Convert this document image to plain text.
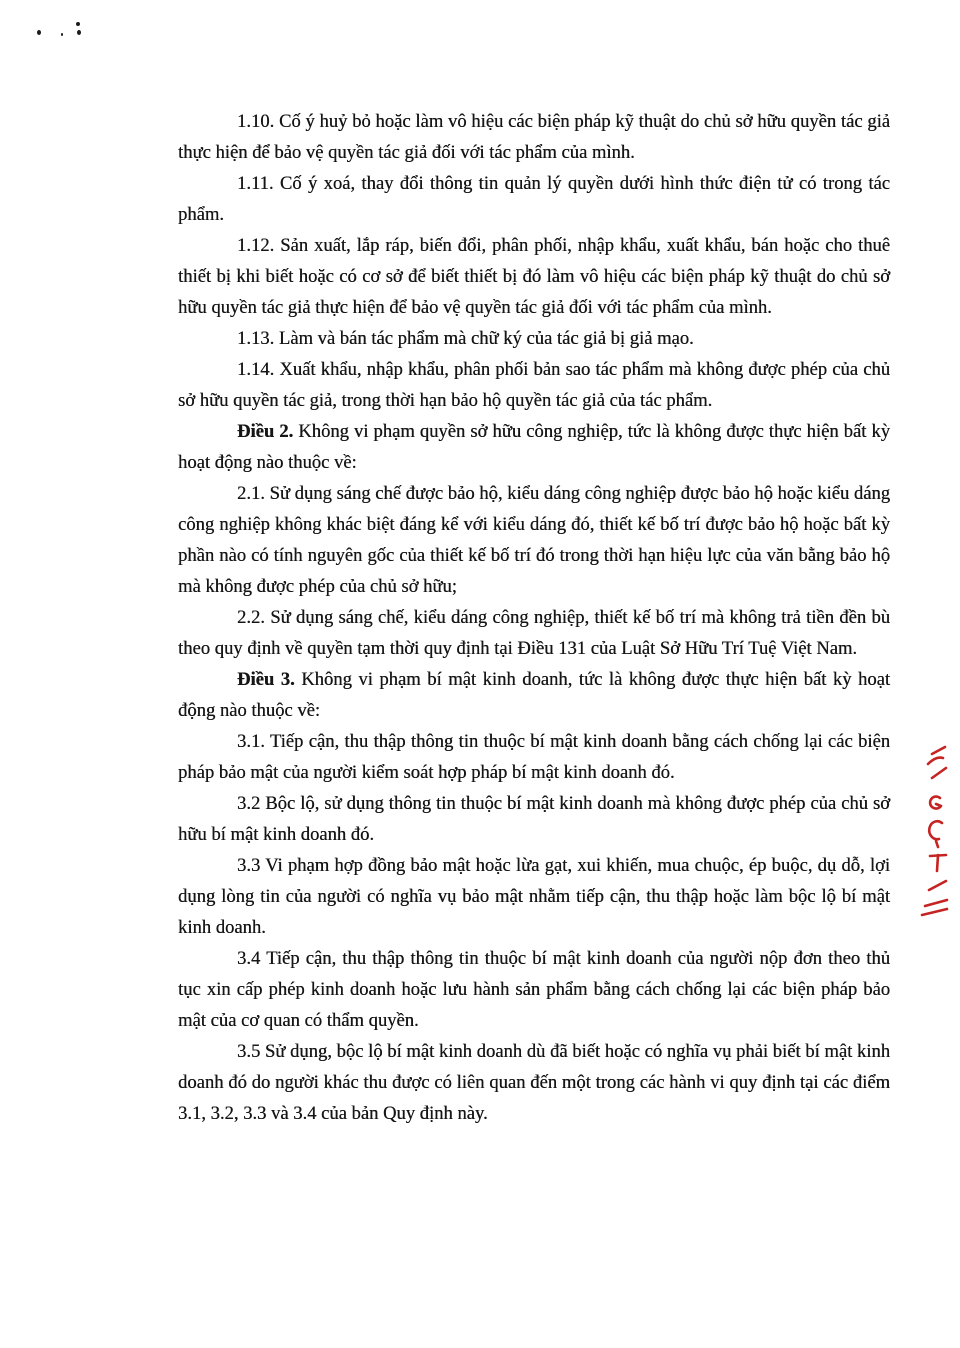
1.10. Cố ý huỷ bỏ hoặc làm vô hiệu các biện pháp kỹ thuật do chủ sở hữu quyền tác giả thực hiện để bảo vệ quyền tác giả đối với tác phẩm của mình.

1.11. Cố ý xoá, thay đổi thông tin quản lý quyền dưới hình thức điện tử có trong tác phẩm.

1.12. Sản xuất, lắp ráp, biến đổi, phân phối, nhập khẩu, xuất khẩu, bán hoặc cho thuê thiết bị khi biết hoặc có cơ sở để biết thiết bị đó làm vô hiệu các biện pháp kỹ thuật do chủ sở hữu quyền tác giả thực hiện để bảo vệ quyền tác giả đối với tác phẩm của mình.

1.13. Làm và bán tác phẩm mà chữ ký của tác giả bị giả mạo.

1.14. Xuất khẩu, nhập khẩu, phân phối bản sao tác phẩm mà không được phép của chủ sở hữu quyền tác giả, trong thời hạn bảo hộ quyền tác giả của tác phẩm.

Điều 2. Không vi phạm quyền sở hữu công nghiệp, tức là không được thực hiện bất kỳ hoạt động nào thuộc về:

2.1. Sử dụng sáng chế được bảo hộ, kiểu dáng công nghiệp được bảo hộ hoặc kiểu dáng công nghiệp không khác biệt đáng kể với kiểu dáng đó, thiết kế bố trí được bảo hộ hoặc bất kỳ phần nào có tính nguyên gốc của thiết kế bố trí đó trong thời hạn hiệu lực của văn bằng bảo hộ mà không được phép của chủ sở hữu;

2.2. Sử dụng sáng chế, kiểu dáng công nghiệp, thiết kế bố trí mà không trả tiền đền bù theo quy định về quyền tạm thời quy định tại Điều 131 của Luật Sở Hữu Trí Tuệ Việt Nam.

Điều 3. Không vi phạm bí mật kinh doanh, tức là không được thực hiện bất kỳ hoạt động nào thuộc về:

3.1. Tiếp cận, thu thập thông tin thuộc bí mật kinh doanh bằng cách chống lại các biện pháp bảo mật của người kiểm soát hợp pháp bí mật kinh doanh đó.

3.2 Bộc lộ, sử dụng thông tin thuộc bí mật kinh doanh mà không được phép của chủ sở hữu bí mật kinh doanh đó.

3.3 Vi phạm hợp đồng bảo mật hoặc lừa gạt, xui khiến, mua chuộc, ép buộc, dụ dỗ, lợi dụng lòng tin của người có nghĩa vụ bảo mật nhằm tiếp cận, thu thập hoặc làm bộc lộ bí mật kinh doanh.

3.4 Tiếp cận, thu thập thông tin thuộc bí mật kinh doanh của người nộp đơn theo thủ tục xin cấp phép kinh doanh hoặc lưu hành sản phẩm bằng cách chống lại các biện pháp bảo mật của cơ quan có thẩm quyền.

3.5 Sử dụng, bộc lộ bí mật kinh doanh dù đã biết hoặc có nghĩa vụ phải biết bí mật kinh doanh đó do người khác thu được có liên quan đến một trong các hành vi quy định tại các điểm 3.1, 3.2, 3.3 và 3.4 của bản Quy định này.
